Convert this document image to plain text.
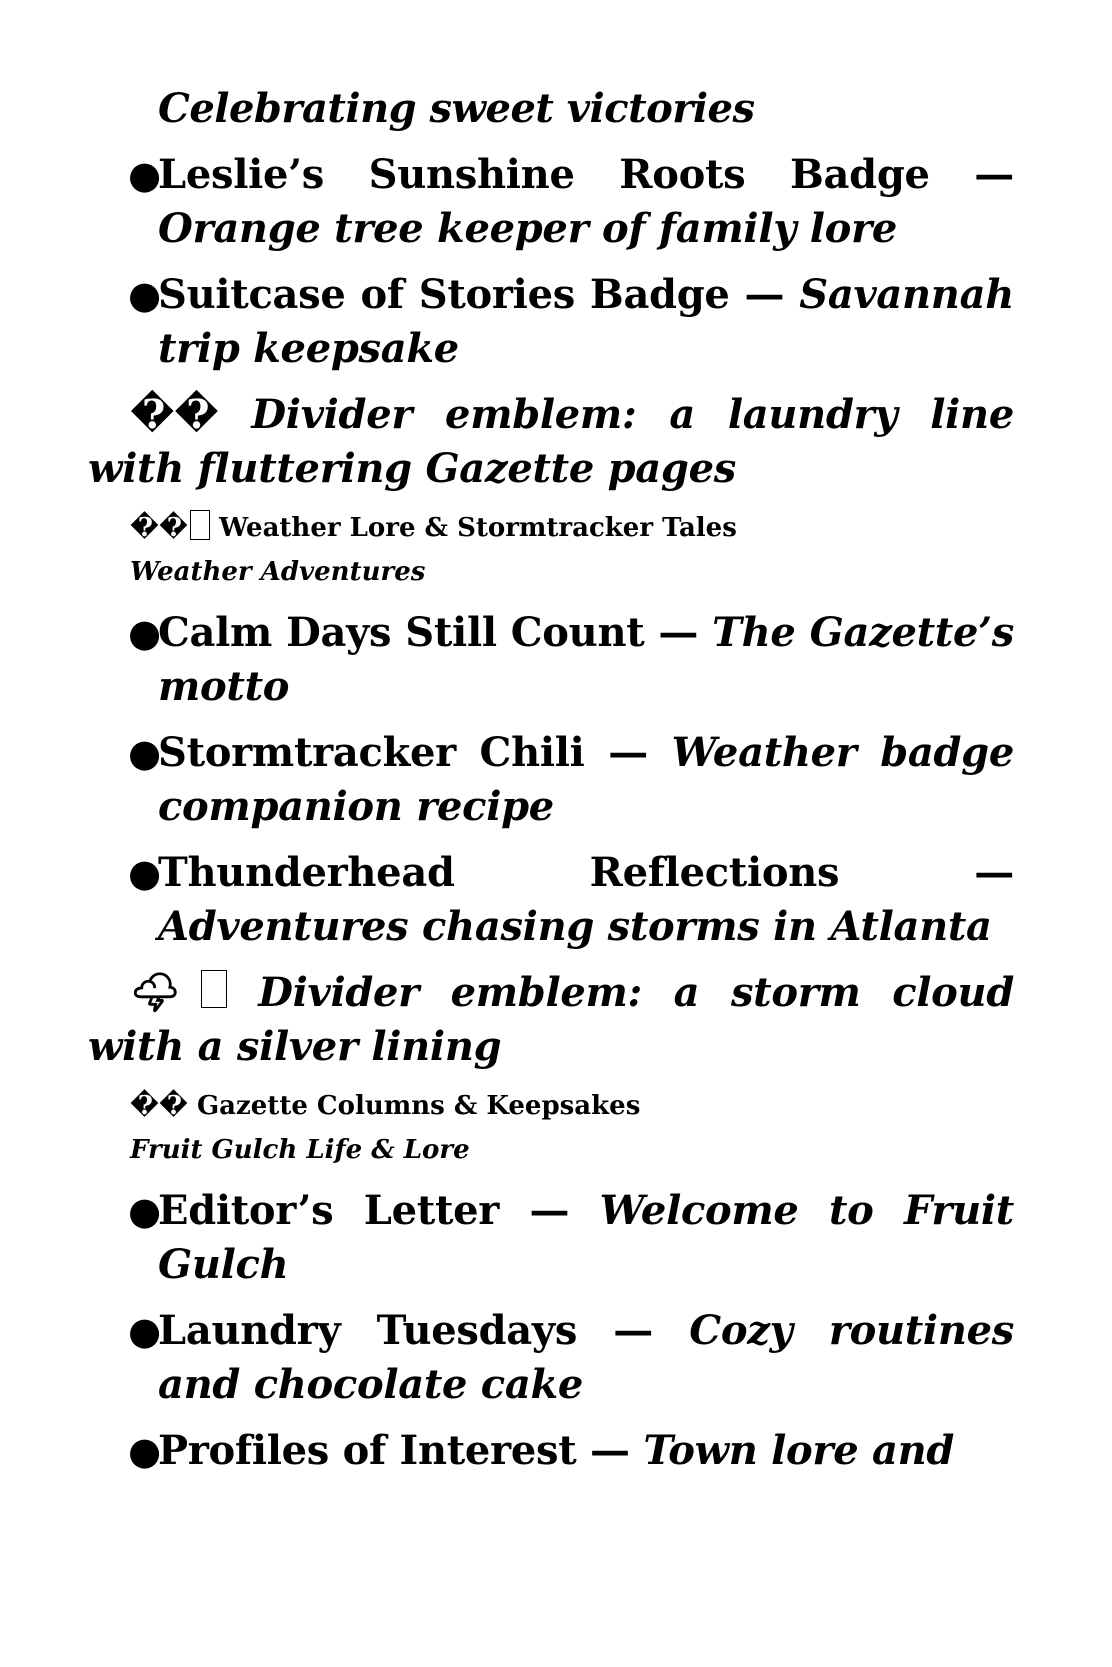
Celebrating sweet victories
●
Leslie’s Sunshine Roots Badge — Orange tree keeper of family lore
●
Suitcase of Stories Badge — Savannah trip keepsake
�� Divider emblem: a laundry line with fluttering Gazette pages
�� Weather Lore & Stormtracker Tales
Weather Adventures
●
Calm Days Still Count — The Gazette’s motto
●
Stormtracker Chili — Weather badge companion recipe
●
Thunderhead Reflections — Adventures chasing storms in Atlanta
🌩 Divider emblem: a storm cloud with a silver lining
�� Gazette Columns & Keepsakes
Fruit Gulch Life & Lore
●
Editor’s Letter — Welcome to Fruit Gulch
●
Laundry Tuesdays — Cozy routines and chocolate cake
●
Profiles of Interest — Town lore and
